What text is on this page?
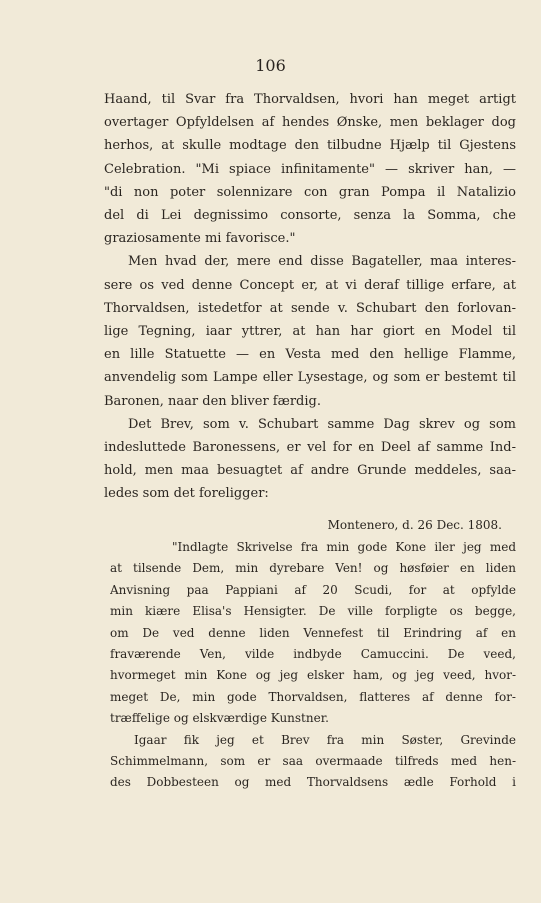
106
Haand, til Svar fra Thorvaldsen, hvori han meget artigt
overtager Opfyldelsen af hendes Ønske, men beklager dog
herhos, at skulle modtage den tilbudne Hjælp til Gjestens
Celebration. "Mi spiace infinitamente" — skriver han, —
"di non poter solennizare con gran Pompa il Natalizio
del di Lei degnissimo consorte, senza la Somma, che
graziosamente mi favorisce."
Men hvad der, mere end disse Bagateller, maa interes-
sere os ved denne Concept er, at vi deraf tillige erfare, at
Thorvaldsen, istedetfor at sende v. Schubart den forlovan-
lige Tegning, iaar yttrer, at han har giort en Model til
en lille Statuette — en Vesta med den hellige Flamme,
anvendelig som Lampe eller Lysestage, og som er bestemt til
Baronen, naar den bliver færdig.
Det Brev, som v. Schubart samme Dag skrev og som
indesluttede Baronessens, er vel for en Deel af samme Ind-
hold, men maa besuagtet af andre Grunde meddeles, saa-
ledes som det foreligger:
Montenero, d. 26 Dec. 1808.
"Indlagte Skrivelse fra min gode Kone iler jeg med
at tilsende Dem, min dyrebare Ven! og høsføier en liden
Anvisning paa Pappiani af 20 Scudi, for at opfylde
min kiære Elisa's Hensigter. De ville forpligte os begge,
om De ved denne liden Vennefest til Erindring af en
fraværende Ven, vilde indbyde Camuccini. De veed,
hvormeget min Kone og jeg elsker ham, og jeg veed, hvor-
meget De, min gode Thorvaldsen, flatteres af denne for-
træffelige og elskværdige Kunstner.
Igaar fik jeg et Brev fra min Søster, Grevinde
Schimmelmann, som er saa overmaade tilfreds med hen-
des Dobbesteen og med Thorvaldsens ædle Forhold i
